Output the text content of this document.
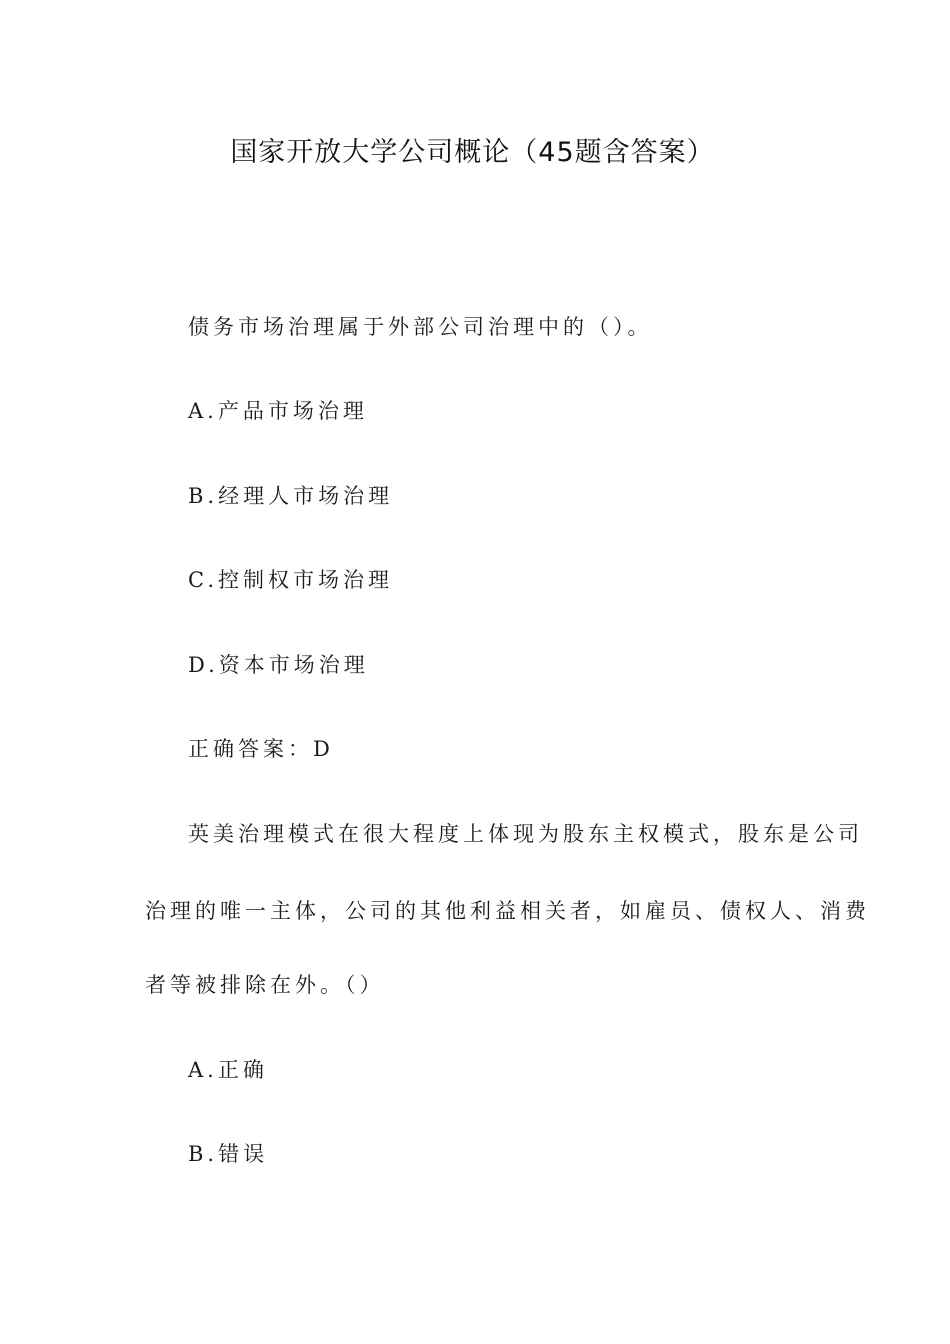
国家开放大学公司概论（45题含答案）
债务市场治理属于外部公司治理中的（）。
A.产品市场治理
B.经理人市场治理
C.控制权市场治理
D.资本市场治理
正确答案：D
英美治理模式在很大程度上体现为股东主权模式，股东是公司
治理的唯一主体，公司的其他利益相关者，如雇员、债权人、消费
者等被排除在外。（）
A.正确
B.错误
